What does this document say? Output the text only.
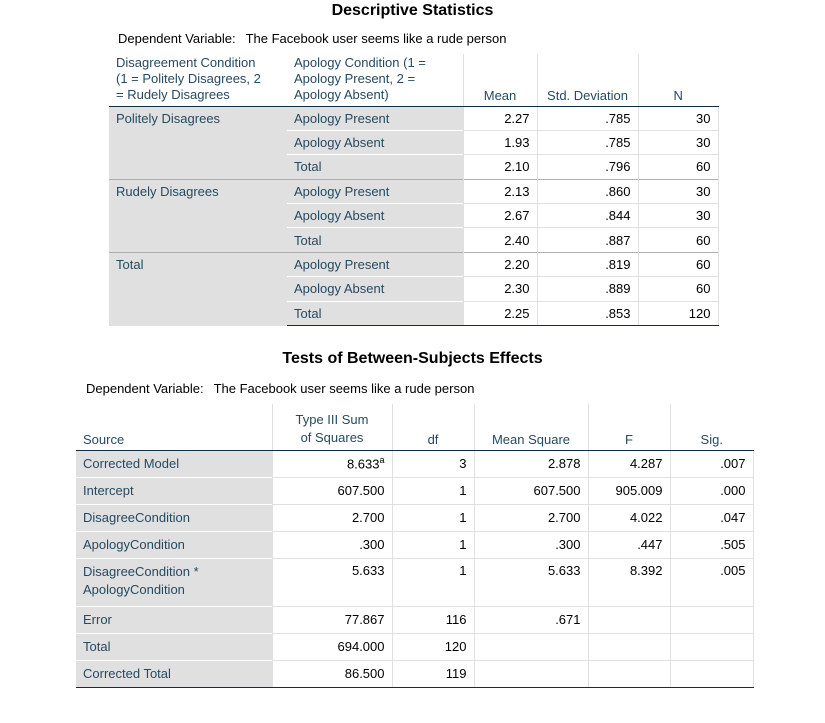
Descriptive Statistics
Dependent Variable: The Facebook user seems like a rude person
Disagreement Condition
(1 = Politely Disagrees, 2
= Rudely Disagrees	Apology Condition (1 =
Apology Present, 2 =
Apology Absent)	Mean	Std. Deviation	N
Politely Disagrees	Apology Present	2.27	.785	30
	Apology Absent	1.93	.785	30
	Total	2.10	.796	60
Rudely Disagrees	Apology Present	2.13	.860	30
	Apology Absent	2.67	.844	30
	Total	2.40	.887	60
Total	Apology Present	2.20	.819	60
	Apology Absent	2.30	.889	60
	Total	2.25	.853	120
Tests of Between-Subjects Effects
Dependent Variable: The Facebook user seems like a rude person
Source	Type III Sum
of Squares	df	Mean Square	F	Sig.
Corrected Model	8.633$^a$	3	2.878	4.287	.007
Intercept	607.500	1	607.500	905.009	.000
DisagreeCondition	2.700	1	2.700	4.022	.047
ApologyCondition	.300	1	.300	.447	.505
DisagreeCondition *
ApologyCondition	5.633	1	5.633	8.392	.005
Error	77.867	116	.671		
Total	694.000	120			
Corrected Total	86.500	119			
